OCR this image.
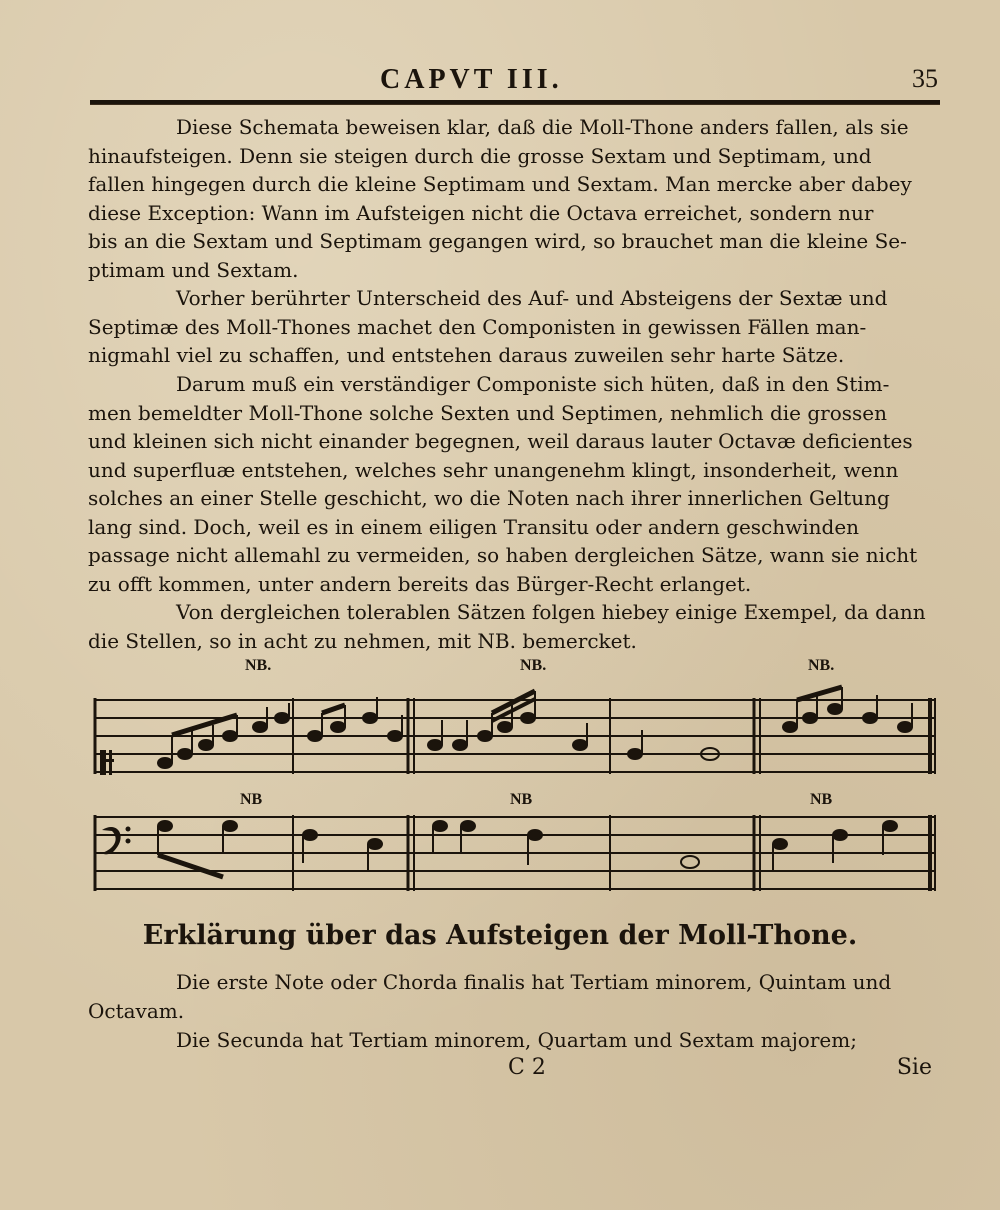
CAPVT III.	35
Diese Schemata beweisen klar, daß die Moll-Thone anders fallen, als sie
hinaufsteigen. Denn sie steigen durch die grosse Sextam und Septimam, und
fallen hingegen durch die kleine Septimam und Sextam. Man mercke aber dabey
diese Exception: Wann im Aufsteigen nicht die Octava erreichet, sondern nur
bis an die Sextam und Septimam gegangen wird, so brauchet man die kleine Se-
ptimam und Sextam.
Vorher berührter Unterscheid des Auf- und Absteigens der Sextæ und
Septimæ des Moll-Thones machet den Componisten in gewissen Fällen man-
nigmahl viel zu schaffen, und entstehen daraus zuweilen sehr harte Sätze.
Darum muß ein verständiger Componiste sich hüten, daß in den Stim-
men bemeldter Moll-Thone solche Sexten und Septimen, nehmlich die grossen
und kleinen sich nicht einander begegnen, weil daraus lauter Octavæ deficientes
und superfluæ entstehen, welches sehr unangenehm klingt, insonderheit, wenn
solches an einer Stelle geschicht, wo die Noten nach ihrer innerlichen Geltung
lang sind. Doch, weil es in einem eiligen Transitu oder andern geschwinden
passage nicht allemahl zu vermeiden, so haben dergleichen Sätze, wann sie nicht
zu offt kommen, unter andern bereits das Bürger-Recht erlanget.
Von dergleichen tolerablen Sätzen folgen hiebey einige Exempel, da dann
die Stellen, so in acht zu nehmen, mit NB. bemercket.
NB.	NB.	NB.
NB	NB	NB
Erklärung über das Aufsteigen der Moll-Thone.
Die erste Note oder Chorda finalis hat Tertiam minorem, Quintam und
Octavam.
Die Secunda hat Tertiam minorem, Quartam und Sextam majorem;
C 2	Sie
